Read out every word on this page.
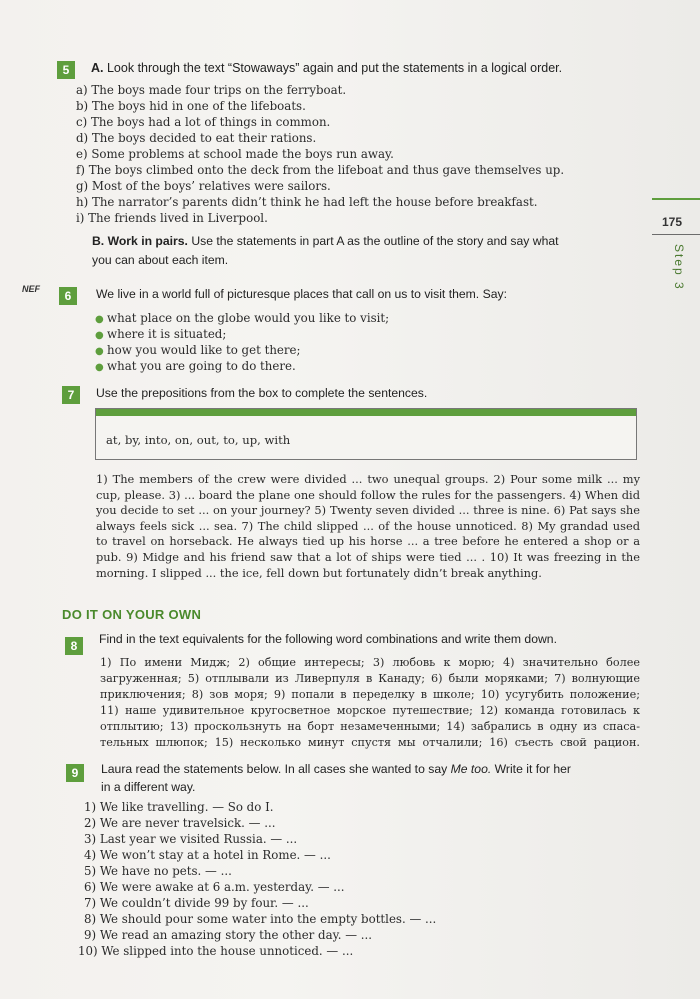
175
Step 3
5	A. Look through the text “Stowaways” again and put the statements in a logical order.
a) The boys made four trips on the ferryboat.
b) The boys hid in one of the lifeboats.
c) The boys had a lot of things in common.
d) The boys decided to eat their rations.
e) Some problems at school made the boys run away.
f) The boys climbed onto the deck from the lifeboat and thus gave themselves up.
g) Most of the boys’ relatives were sailors.
h) The narrator’s parents didn’t think he had left the house before breakfast.
i) The friends lived in Liverpool.
B. Work in pairs. Use the statements in part A as the outline of the story and say what
you can about each item.
NEF	6	We live in a world full of picturesque places that call on us to visit them. Say:
● what place on the globe would you like to visit;
● where it is situated;
● how you would like to get there;
● what you are going to do there.
7	Use the prepositions from the box to complete the sentences.
at, by, into, on, out, to, up, with
1) The members of the crew were divided ... two unequal groups. 2) Pour some milk ... my
cup, please. 3) ... board the plane one should follow the rules for the passengers. 4) When did
you decide to set ... on your journey? 5) Twenty seven divided ... three is nine. 6) Pat says she
always feels sick ... sea. 7) The child slipped ... of the house unnoticed. 8) My grandad used
to travel on horseback. He always tied up his horse ... a tree before he entered a shop or a
pub. 9) Midge and his friend saw that a lot of ships were tied ... . 10) It was freezing in the
morning. I slipped ... the ice, fell down but fortunately didn’t break anything.
DO IT ON YOUR OWN
8	Find in the text equivalents for the following word combinations and write them down.
1) По имени Мидж; 2) общие интересы; 3) любовь к морю; 4) значительно более
загруженная; 5) отплывали из Ливерпуля в Канаду; 6) были моряками; 7) волнующие
приключения; 8) зов моря; 9) попали в переделку в школе; 10) усугубить положение;
11) наше удивительное кругосветное морское путешествие; 12) команда готовилась к
отплытию; 13) проскользнуть на борт незамеченными; 14) забрались в одну из спаса-
тельных шлюпок; 15) несколько минут спустя мы отчалили; 16) съесть свой рацион.
9	Laura read the statements below. In all cases she wanted to say Me too. Write it for her
in a different way.
1) We like travelling. — So do I.
2) We are never travelsick. — ...
3) Last year we visited Russia. — ...
4) We won’t stay at a hotel in Rome. — ...
5) We have no pets. — ...
6) We were awake at 6 a.m. yesterday. — ...
7) We couldn’t divide 99 by four. — ...
8) We should pour some water into the empty bottles. — ...
9) We read an amazing story the other day. — ...
10) We slipped into the house unnoticed. — ...
